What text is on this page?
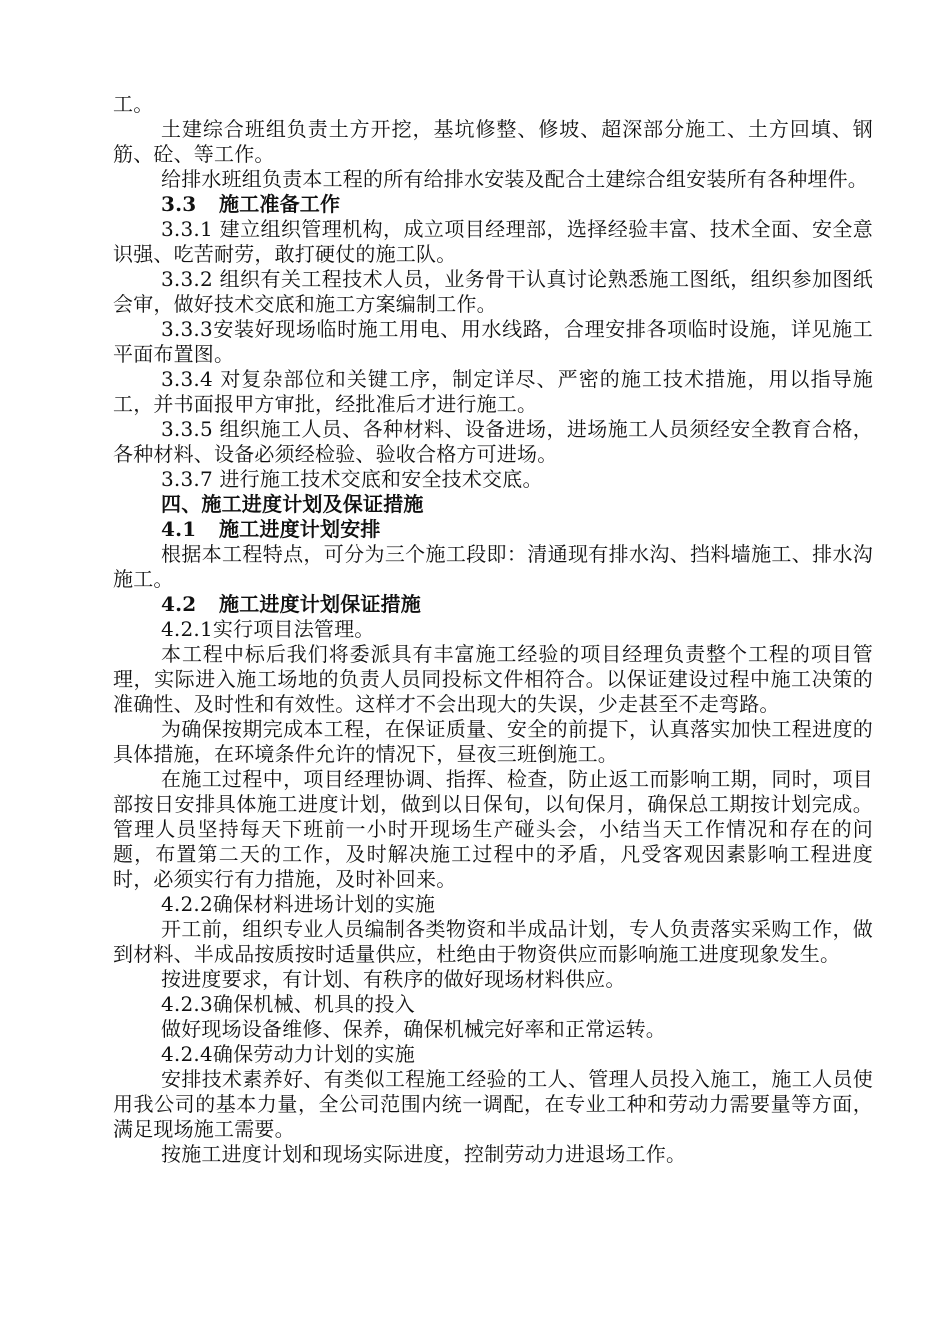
工。
土建综合班组负责土方开挖，基坑修整、修坡、超深部分施工、土方回填、钢筋、砼、等工作。
给排水班组负责本工程的所有给排水安装及配合土建综合组安装所有各种埋件。
3.3 施工准备工作
3.3.1 建立组织管理机构，成立项目经理部，选择经验丰富、技术全面、安全意识强、吃苦耐劳，敢打硬仗的施工队。
3.3.2 组织有关工程技术人员，业务骨干认真讨论熟悉施工图纸，组织参加图纸会审，做好技术交底和施工方案编制工作。
3.3.3安装好现场临时施工用电、用水线路，合理安排各项临时设施，详见施工平面布置图。
3.3.4 对复杂部位和关键工序，制定详尽、严密的施工技术措施，用以指导施工，并书面报甲方审批，经批准后才进行施工。
3.3.5 组织施工人员、各种材料、设备进场，进场施工人员须经安全教育合格，各种材料、设备必须经检验、验收合格方可进场。
3.3.7 进行施工技术交底和安全技术交底。
四、施工进度计划及保证措施
4.1 施工进度计划安排
根据本工程特点，可分为三个施工段即：清通现有排水沟、挡料墙施工、排水沟施工。
4.2 施工进度计划保证措施
4.2.1实行项目法管理。
本工程中标后我们将委派具有丰富施工经验的项目经理负责整个工程的项目管理，实际进入施工场地的负责人员同投标文件相符合。以保证建设过程中施工决策的准确性、及时性和有效性。这样才不会出现大的失误，少走甚至不走弯路。
为确保按期完成本工程，在保证质量、安全的前提下，认真落实加快工程进度的具体措施，在环境条件允许的情况下，昼夜三班倒施工。
在施工过程中，项目经理协调、指挥、检查，防止返工而影响工期，同时，项目部按日安排具体施工进度计划，做到以日保旬，以旬保月，确保总工期按计划完成。管理人员坚持每天下班前一小时开现场生产碰头会，小结当天工作情况和存在的问题，布置第二天的工作，及时解决施工过程中的矛盾，凡受客观因素影响工程进度时，必须实行有力措施，及时补回来。
4.2.2确保材料进场计划的实施
开工前，组织专业人员编制各类物资和半成品计划，专人负责落实采购工作，做到材料、半成品按质按时适量供应，杜绝由于物资供应而影响施工进度现象发生。
按进度要求，有计划、有秩序的做好现场材料供应。
4.2.3确保机械、机具的投入
做好现场设备维修、保养，确保机械完好率和正常运转。
4.2.4确保劳动力计划的实施
安排技术素养好、有类似工程施工经验的工人、管理人员投入施工，施工人员使用我公司的基本力量，全公司范围内统一调配，在专业工种和劳动力需要量等方面，满足现场施工需要。
按施工进度计划和现场实际进度，控制劳动力进退场工作。
